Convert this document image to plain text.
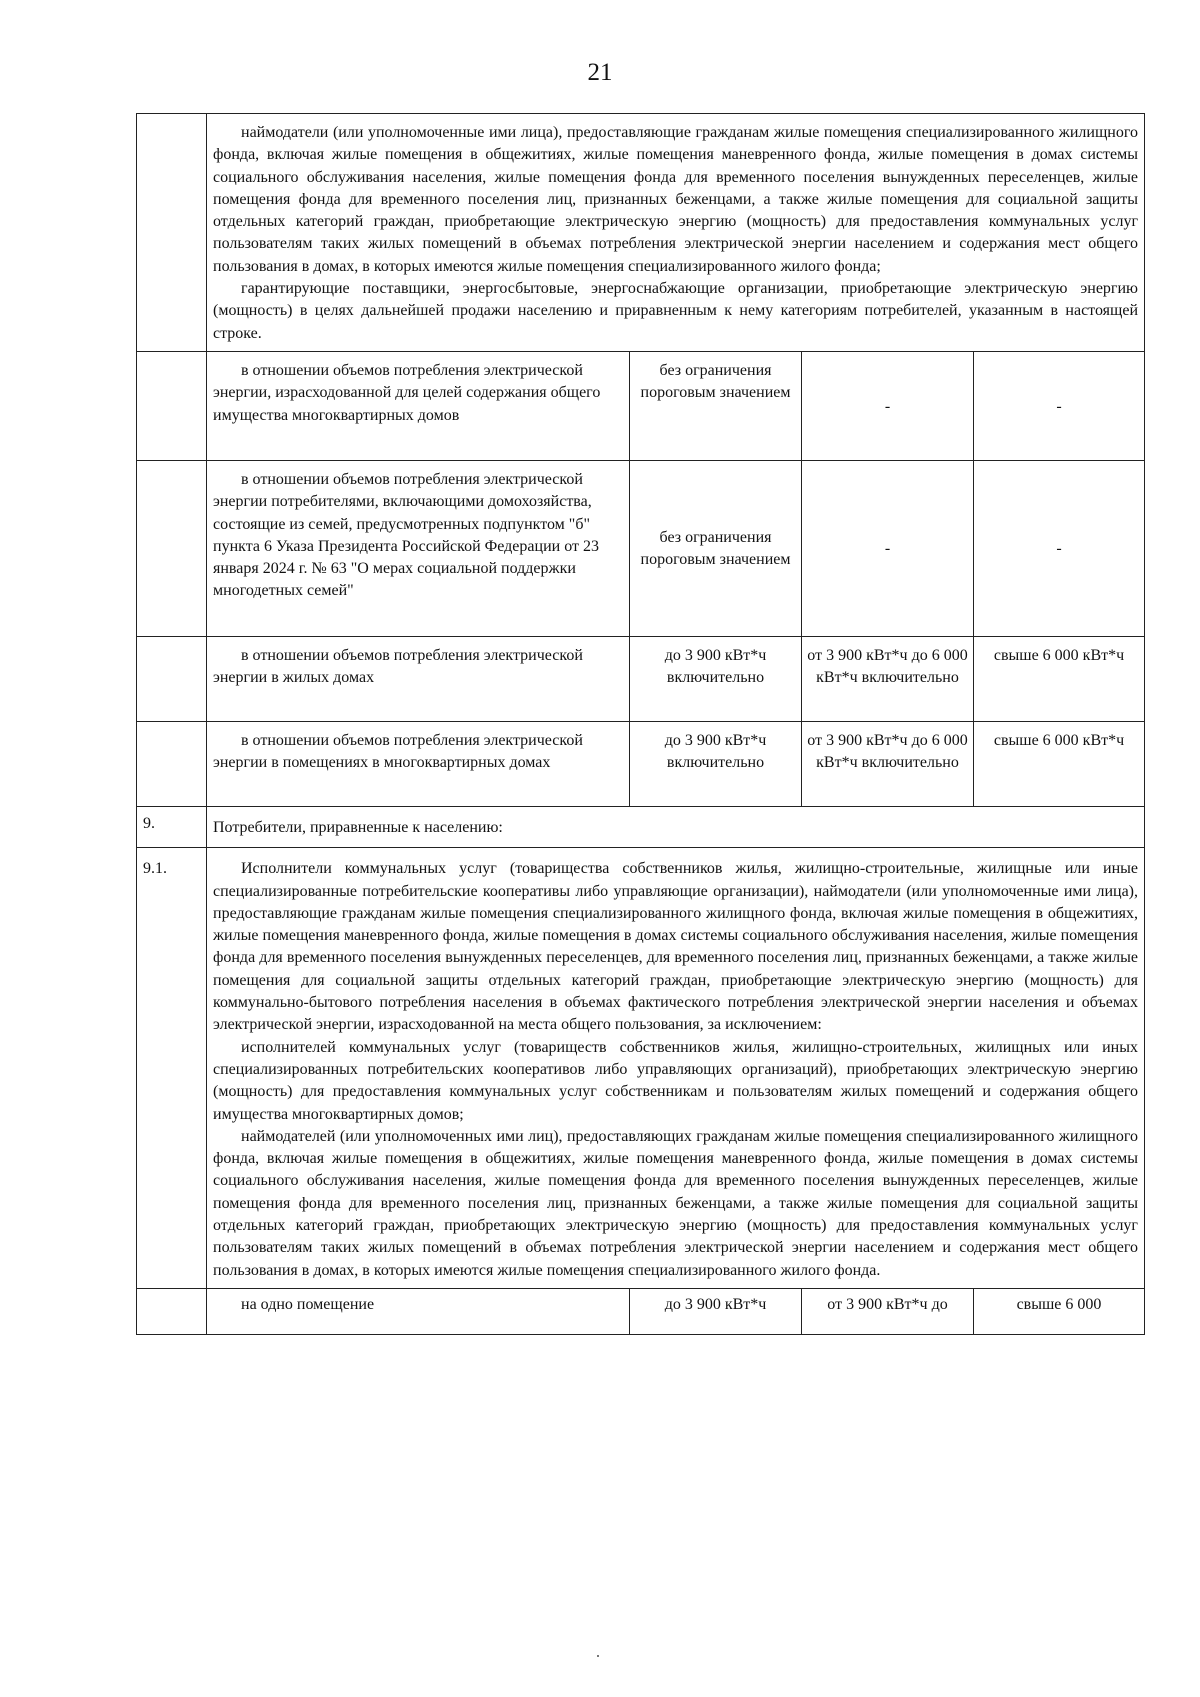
21

	наймодатели (или уполномоченные ими лица), предоставляющие гражданам жилые помещения специализированного жилищного фонда, включая жилые помещения в общежитиях, жилые помещения маневренного фонда, жилые помещения в домах системы социального обслуживания населения, жилые помещения фонда для временного поселения вынужденных переселенцев, жилые помещения фонда для временного поселения лиц, признанных беженцами, а также жилые помещения для социальной защиты отдельных категорий граждан, приобретающие электрическую энергию (мощность) для предоставления коммунальных услуг пользователям таких жилых помещений в объемах потребления электрической энергии населением и содержания мест общего пользования в домах, в которых имеются жилые помещения специализированного жилого фонда;

гарантирующие поставщики, энергосбытовые, энергоснабжающие организации, приобретающие электрическую энергию (мощность) в целях дальнейшей продажи населению и приравненным к нему категориям потребителей, указанным в настоящей строке.			

	в отношении объемов потребления электрической энергии, израсходованной для целей содержания общего имущества многоквартирных домов	без ограничения пороговым значением	-	-

	в отношении объемов потребления электрической энергии потребителями, включающими домохозяйства, состоящие из семей, предусмотренных подпунктом "б" пункта 6 Указа Президента Российской Федерации от 23 января 2024 г. № 63 "О мерах социальной поддержки многодетных семей"	без ограничения пороговым значением	-	-

	в отношении объемов потребления электрической энергии в жилых домах	до 3 900 кВт*ч включительно	от 3 900 кВт*ч до 6 000 кВт*ч включительно	свыше 6 000 кВт*ч

	в отношении объемов потребления электрической энергии в помещениях в многоквартирных домах	до 3 900 кВт*ч включительно	от 3 900 кВт*ч до 6 000 кВт*ч включительно	свыше 6 000 кВт*ч
9.	Потребители, приравненные к населению:			
9.1.	Исполнители коммунальных услуг (товарищества собственников жилья, жилищно-строительные, жилищные или иные специализированные потребительские кооперативы либо управляющие организации), наймодатели (или уполномоченные ими лица), предоставляющие гражданам жилые помещения специализированного жилищного фонда, включая жилые помещения в общежитиях, жилые помещения маневренного фонда, жилые помещения в домах системы социального обслуживания населения, жилые помещения фонда для временного поселения вынужденных переселенцев, для временного поселения лиц, признанных беженцами, а также жилые помещения для социальной защиты отдельных категорий граждан, приобретающие электрическую энергию (мощность) для коммунально-бытового потребления населения в объемах фактического потребления электрической энергии населения и объемах электрической энергии, израсходованной на места общего пользования, за исключением:

исполнителей коммунальных услуг (товариществ собственников жилья, жилищно-строительных, жилищных или иных специализированных потребительских кооперативов либо управляющих организаций), приобретающих электрическую энергию (мощность) для предоставления коммунальных услуг собственникам и пользователям жилых помещений и содержания общего имущества многоквартирных домов;

наймодателей (или уполномоченных ими лиц), предоставляющих гражданам жилые помещения специализированного жилищного фонда, включая жилые помещения в общежитиях, жилые помещения маневренного фонда, жилые помещения в домах системы социального обслуживания населения, жилые помещения фонда для временного поселения вынужденных переселенцев, жилые помещения фонда для временного поселения лиц, признанных беженцами, а также жилые помещения для социальной защиты отдельных категорий граждан, приобретающих электрическую энергию (мощность) для предоставления коммунальных услуг пользователям таких жилых помещений в объемах потребления электрической энергии населением и содержания мест общего пользования в домах, в которых имеются жилые помещения специализированного жилого фонда.			

	на одно помещение	до 3 900 кВт*ч	от 3 900 кВт*ч до	свыше 6 000
